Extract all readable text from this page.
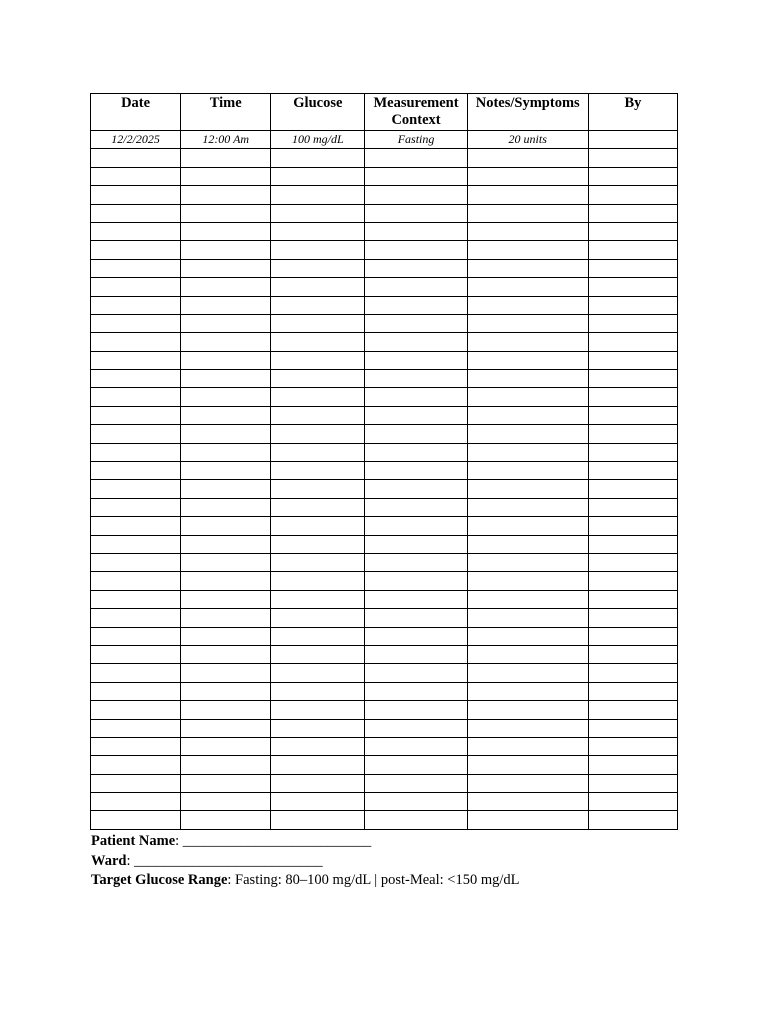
Date	Time	Glucose	Measurement Context	Notes/Symptoms	By
12/2/2025	12:00 Am	100 mg/dL	Fasting	20 units	

Patient Name: __________________________
Ward: __________________________
Target Glucose Range: Fasting: 80–100 mg/dL | post-Meal: <150 mg/dL
